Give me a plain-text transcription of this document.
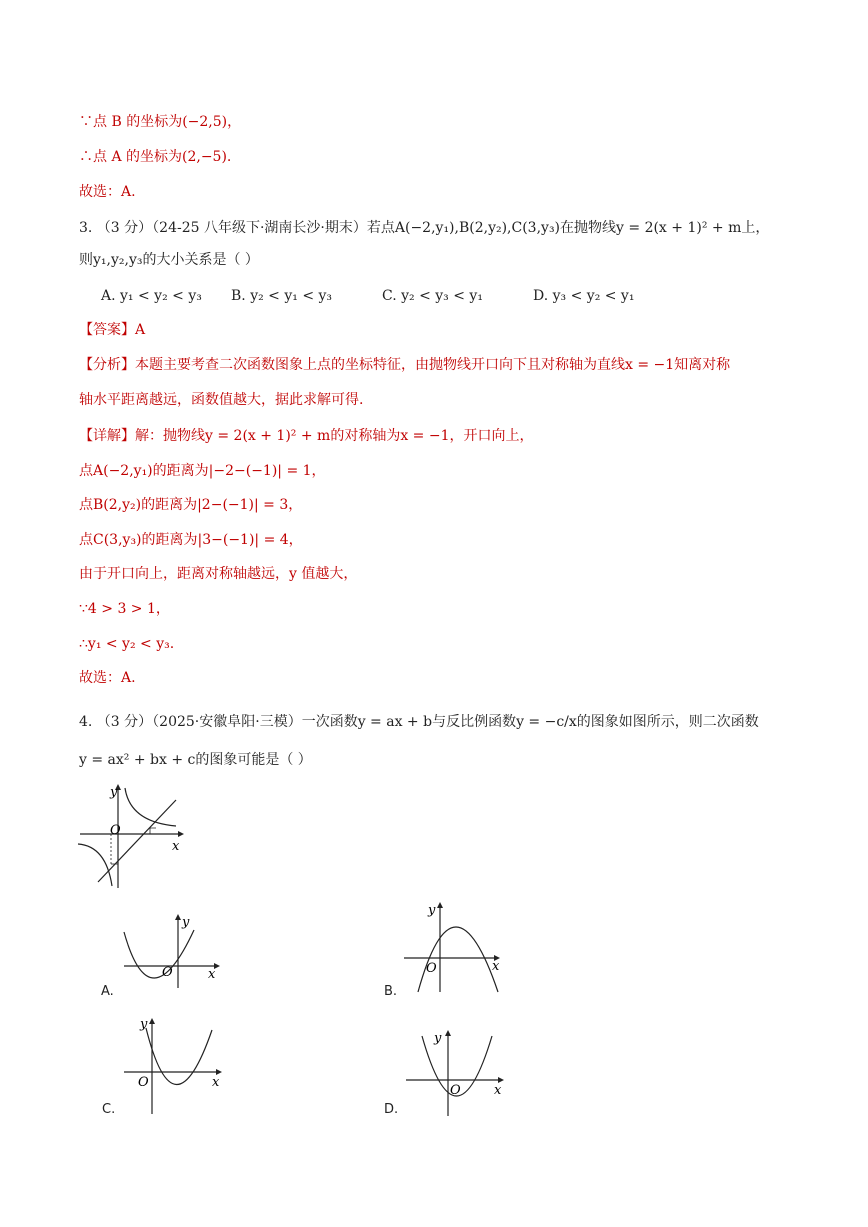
∵点 B 的坐标为(−2,5)，
∴点 A 的坐标为(2,−5).
故选：A.
3. （3 分）（24-25 八年级下·湖南长沙·期末）若点A(−2,y₁),B(2,y₂),C(3,y₃)在抛物线y = 2(x + 1)² + m上，
则y₁,y₂,y₃的大小关系是（ ）
A. y₁ < y₂ < y₃ B. y₂ < y₁ < y₃	C. y₂ < y₃ < y₁	D. y₃ < y₂ < y₁
【答案】A
【分析】本题主要考查二次函数图象上点的坐标特征，由抛物线开口向下且对称轴为直线x = −1知离对称
轴水平距离越远，函数值越大，据此求解可得.
【详解】解：抛物线y = 2(x + 1)² + m的对称轴为x = −1，开口向上，
点A(−2,y₁)的距离为|−2−(−1)| = 1，
点B(2,y₂)的距离为|2−(−1)| = 3，
点C(3,y₃)的距离为|3−(−1)| = 4，
由于开口向上，距离对称轴越远，y 值越大，
∵4 > 3 > 1，
∴y₁ < y₂ < y₃.
故选：A.
4. （3 分）（2025·安徽阜阳·三模）一次函数y = ax + b与反比例函数y = −c/x的图象如图所示，则二次函数
y = ax² + bx + c的图象可能是（ ）
O
x
y
O	x
y
A.
O	x
y
B.
O	x
y
C.
O	x
y
D.
